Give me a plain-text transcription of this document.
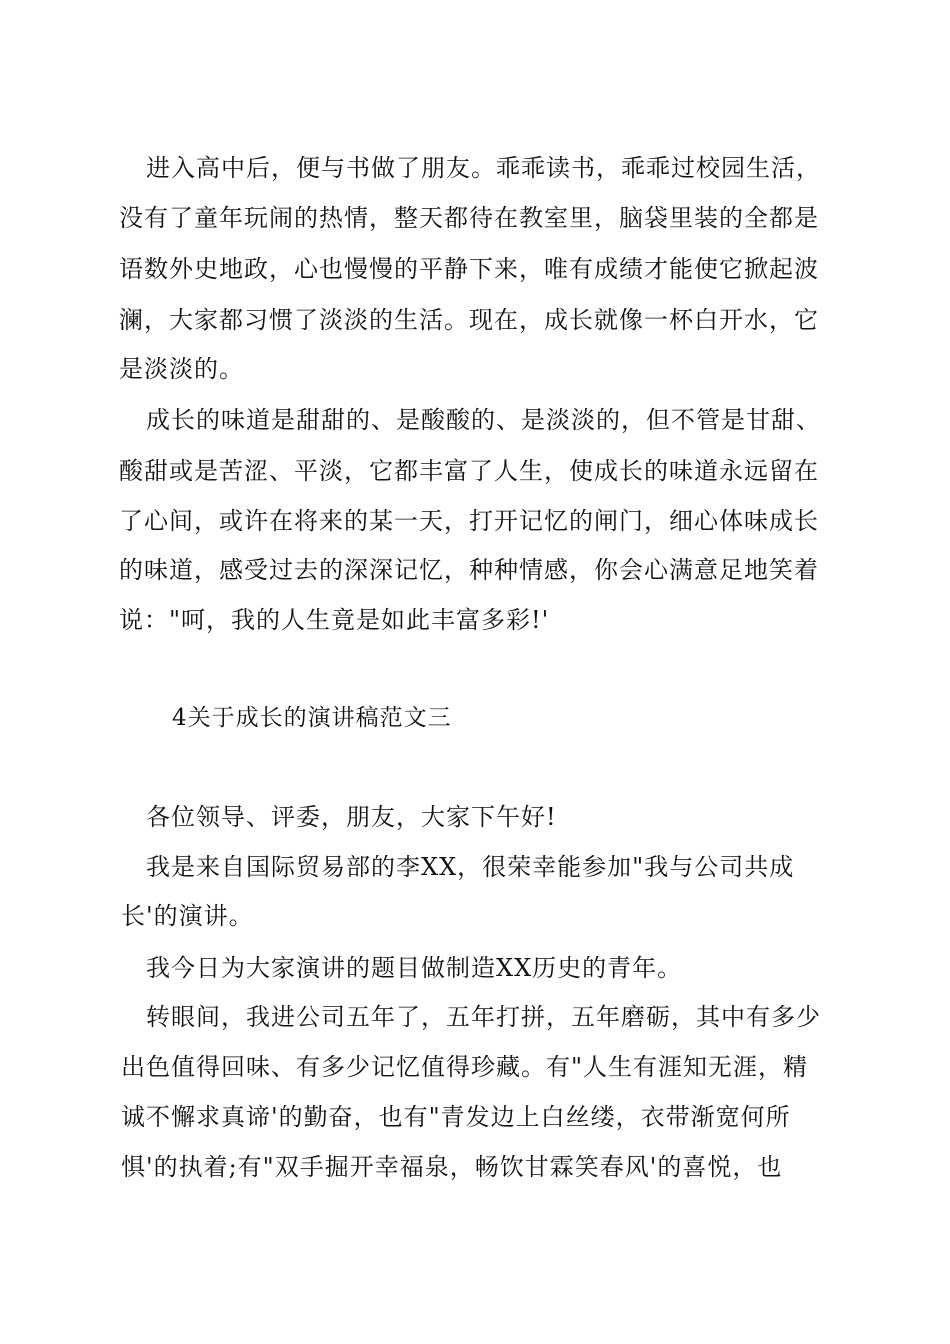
进入高中后，便与书做了朋友。乖乖读书，乖乖过校园生活，

没有了童年玩闹的热情，整天都待在教室里，脑袋里装的全都是

语数外史地政，心也慢慢的平静下来，唯有成绩才能使它掀起波

澜，大家都习惯了淡淡的生活。现在，成长就像一杯白开水，它

是淡淡的。

成长的味道是甜甜的、是酸酸的、是淡淡的，但不管是甘甜、

酸甜或是苦涩、平淡，它都丰富了人生，使成长的味道永远留在

了心间，或许在将来的某一天，打开记忆的闸门，细心体味成长

的味道，感受过去的深深记忆，种种情感，你会心满意足地笑着

说："呵，我的人生竟是如此丰富多彩!'

4关于成长的演讲稿范文三

各位领导、评委，朋友，大家下午好!

我是来自国际贸易部的李XX，很荣幸能参加"我与公司共成

长'的演讲。

我今日为大家演讲的题目做制造XX历史的青年。

转眼间，我进公司五年了，五年打拼，五年磨砺，其中有多少

出色值得回味、有多少记忆值得珍藏。有"人生有涯知无涯，精

诚不懈求真谛'的勤奋，也有"青发边上白丝缕，衣带渐宽何所

惧'的执着;有"双手掘开幸福泉，畅饮甘霖笑春风'的喜悦，也
